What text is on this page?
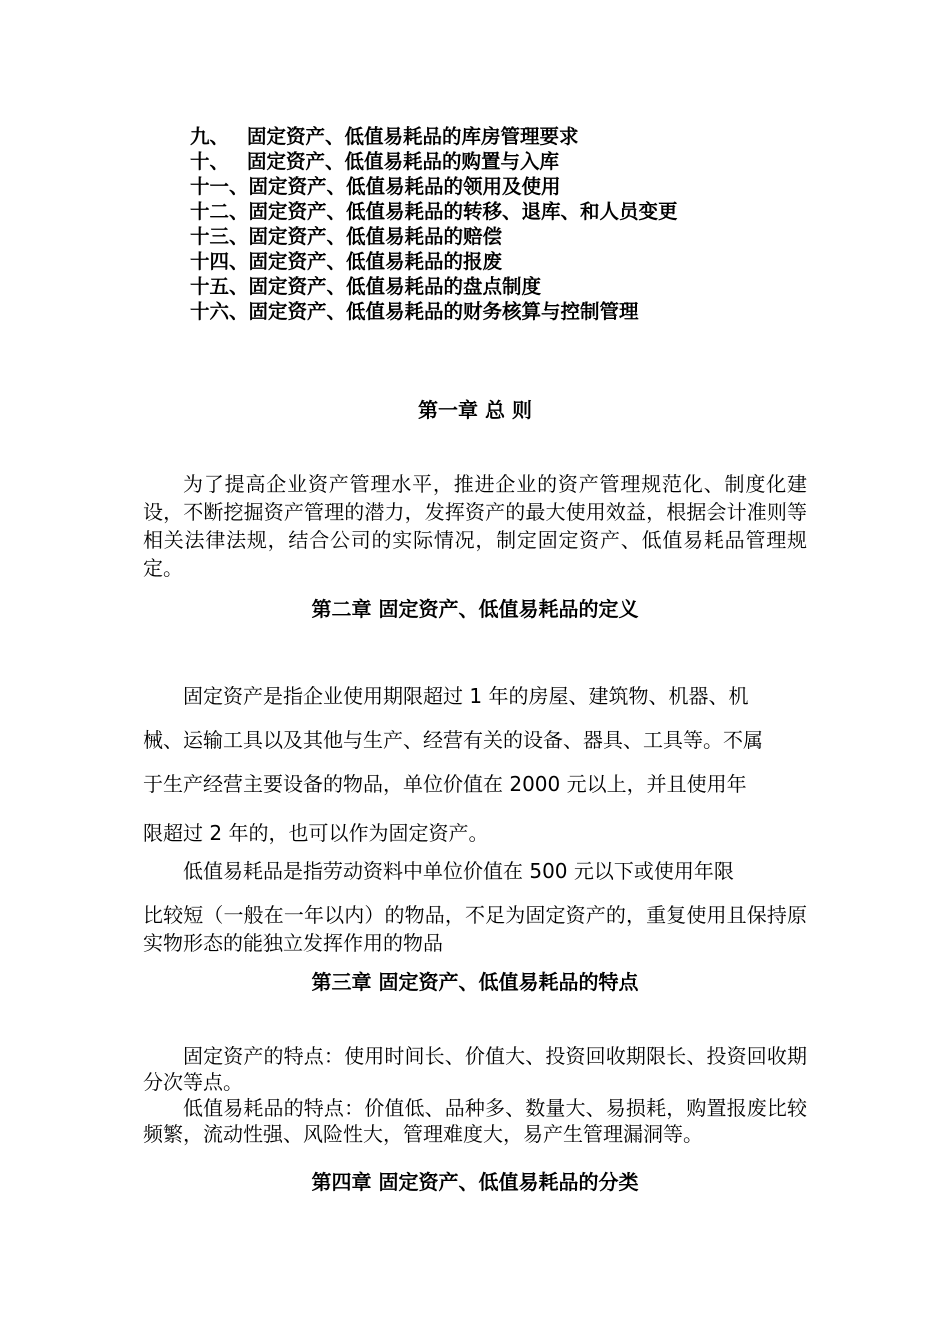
九、 固定资产、低值易耗品的库房管理要求
十、 固定资产、低值易耗品的购置与入库
十一、固定资产、低值易耗品的领用及使用
十二、固定资产、低值易耗品的转移、退库、和人员变更
十三、固定资产、低值易耗品的赔偿
十四、固定资产、低值易耗品的报废
十五、固定资产、低值易耗品的盘点制度
十六、固定资产、低值易耗品的财务核算与控制管理
第一章 总 则

为了提高企业资产管理水平，推进企业的资产管理规范化、制度化建设，不断挖掘资产管理的潜力，发挥资产的最大使用效益，根据会计准则等相关法律法规，结合公司的实际情况，制定固定资产、低值易耗品管理规定。

第二章 固定资产、低值易耗品的定义
固定资产是指企业使用期限超过 1 年的房屋、建筑物、机器、机
械、运输工具以及其他与生产、经营有关的设备、器具、工具等。不属
于生产经营主要设备的物品，单位价值在 2000 元以上，并且使用年
限超过 2 年的，也可以作为固定资产。
低值易耗品是指劳动资料中单位价值在 500 元以下或使用年限
比较短（一般在一年以内）的物品，不足为固定资产的，重复使用且保持原实物形态的能独立发挥作用的物品
第三章 固定资产、低值易耗品的特点

固定资产的特点：使用时间长、价值大、投资回收期限长、投资回收期分次等点。

低值易耗品的特点：价值低、品种多、数量大、易损耗，购置报废比较频繁，流动性强、风险性大，管理难度大，易产生管理漏洞等。

第四章 固定资产、低值易耗品的分类
